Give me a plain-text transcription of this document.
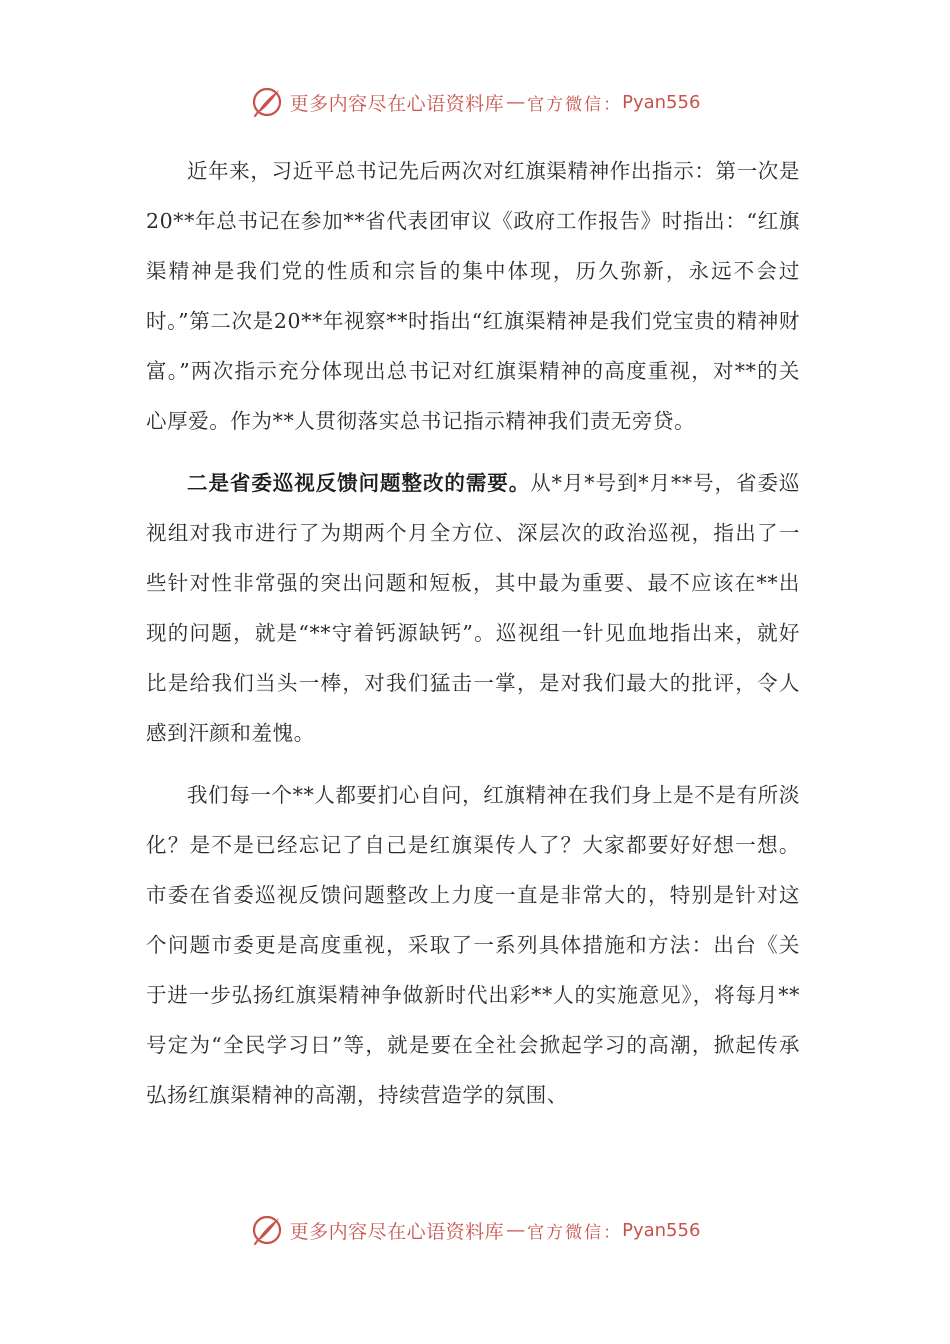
更多内容尽在心语资料库 — 官方微信： Pyan556

近年来，习近平总书记先后两次对红旗渠精神作出指示：第一次是20**年总书记在参加**省代表团审议《政府工作报告》时指出：“红旗渠精神是我们党的性质和宗旨的集中体现，历久弥新，永远不会过时。”第二次是20**年视察**时指出“红旗渠精神是我们党宝贵的精神财富。”两次指示充分体现出总书记对红旗渠精神的高度重视，对**的关心厚爱。作为**人贯彻落实总书记指示精神我们责无旁贷。

二是省委巡视反馈问题整改的需要。从*月*号到*月**号，省委巡视组对我市进行了为期两个月全方位、深层次的政治巡视，指出了一些针对性非常强的突出问题和短板，其中最为重要、最不应该在**出现的问题，就是“**守着钙源缺钙”。巡视组一针见血地指出来，就好比是给我们当头一棒，对我们猛击一掌，是对我们最大的批评，令人感到汗颜和羞愧。

我们每一个**人都要扪心自问，红旗精神在我们身上是不是有所淡化？是不是已经忘记了自己是红旗渠传人了？大家都要好好想一想。市委在省委巡视反馈问题整改上力度一直是非常大的，特别是针对这个问题市委更是高度重视，采取了一系列具体措施和方法：出台《关于进一步弘扬红旗渠精神争做新时代出彩**人的实施意见》，将每月**号定为“全民学习日”等，就是要在全社会掀起学习的高潮，掀起传承弘扬红旗渠精神的高潮，持续营造学的氛围、

更多内容尽在心语资料库 — 官方微信： Pyan556
